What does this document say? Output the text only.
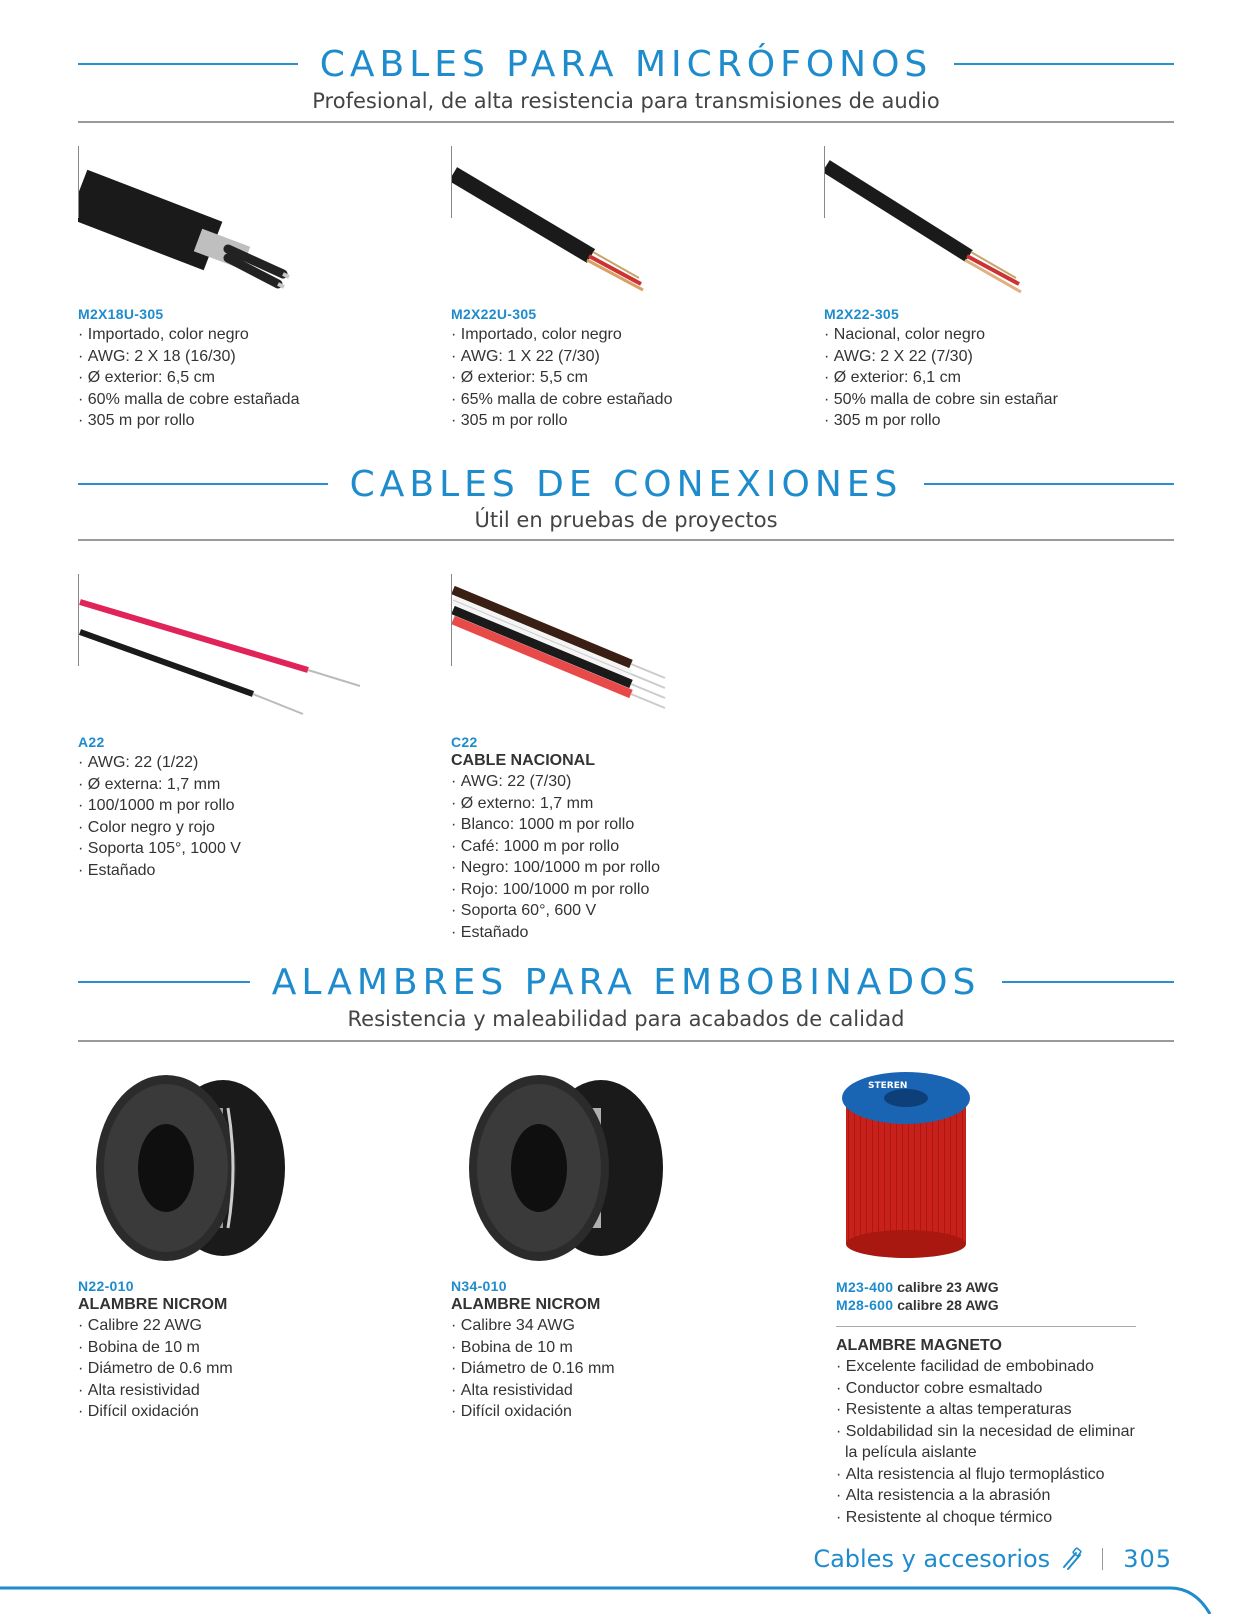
CABLES PARA MICRÓFONOS
Profesional, de alta resistencia para transmisiones de audio
M2X18U-305
· Importado, color negro
· AWG: 2 X 18 (16/30)
· Ø exterior: 6,5 cm
· 60% malla de cobre estañada
· 305 m por rollo
M2X22U-305
· Importado, color negro
· AWG: 1 X 22 (7/30)
· Ø exterior: 5,5 cm
· 65% malla de cobre estañado
· 305 m por rollo
M2X22-305
· Nacional, color negro
· AWG: 2 X 22 (7/30)
· Ø exterior: 6,1 cm
· 50% malla de cobre sin estañar
· 305 m por rollo
CABLES DE CONEXIONES
Útil en pruebas de proyectos
A22
· AWG: 22 (1/22)
· Ø externa: 1,7 mm
· 100/1000 m por rollo
· Color negro y rojo
· Soporta 105°, 1000 V
· Estañado
C22
CABLE NACIONAL
· AWG: 22 (7/30)
· Ø externo: 1,7 mm
· Blanco: 1000 m por rollo
· Café: 1000 m por rollo
· Negro: 100/1000 m por rollo
· Rojo: 100/1000 m por rollo
· Soporta 60°, 600 V
· Estañado
ALAMBRES PARA EMBOBINADOS
Resistencia y maleabilidad para acabados de calidad
N22-010
ALAMBRE NICROM
· Calibre 22 AWG
· Bobina de 10 m
· Diámetro de 0.6 mm
· Alta resistividad
· Difícil oxidación
N34-010
ALAMBRE NICROM
· Calibre 34 AWG
· Bobina de 10 m
· Diámetro de 0.16 mm
· Alta resistividad
· Difícil oxidación
STEREN
M23-400 calibre 23 AWG
M28-600 calibre 28 AWG
ALAMBRE MAGNETO
· Excelente facilidad de embobinado
· Conductor cobre esmaltado
· Resistente a altas temperaturas
· Soldabilidad sin la necesidad de eliminar la película aislante
· Alta resistencia al flujo termoplástico
· Alta resistencia a la abrasión
· Resistente al choque térmico
Cables y accesorios	305
